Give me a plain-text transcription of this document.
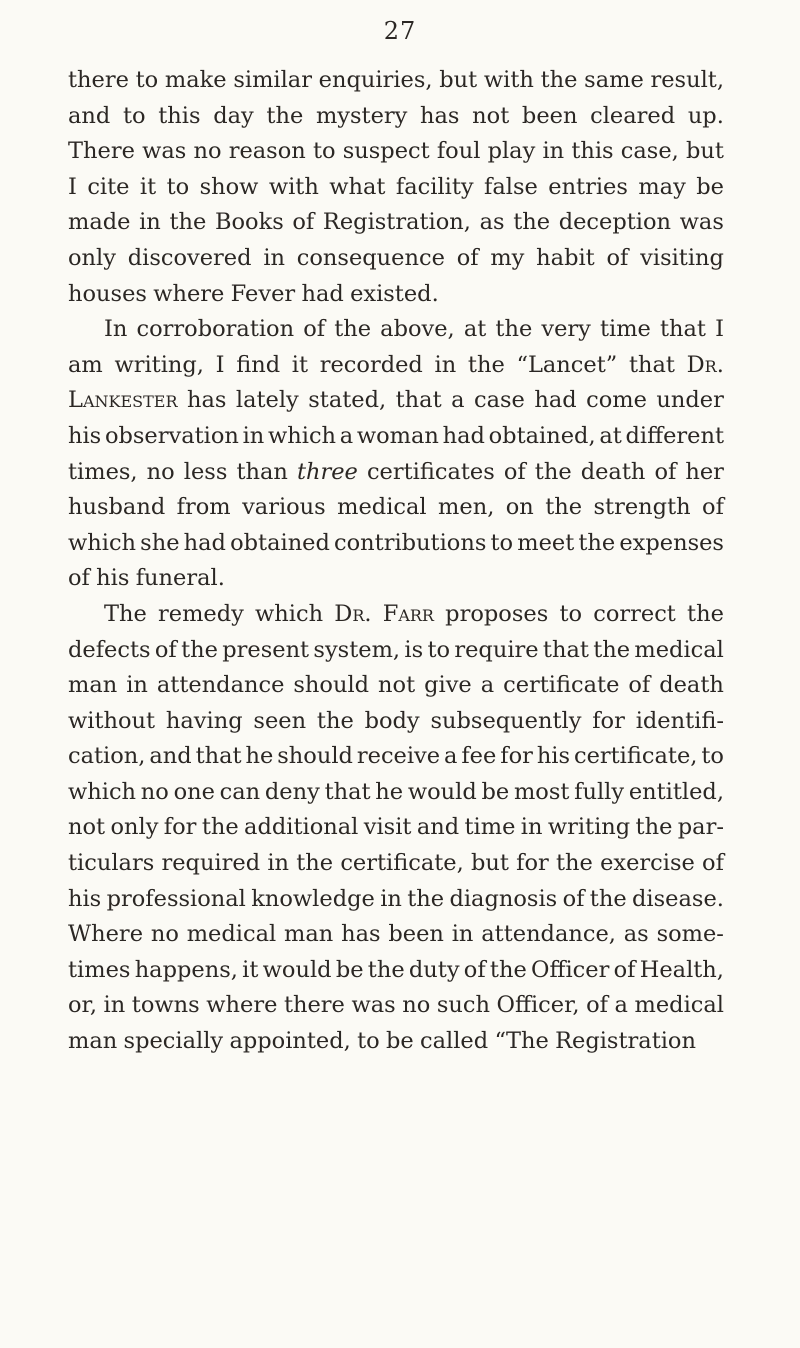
27
there to make similar enquiries, but with the same result,
and to this day the mystery has not been cleared up.
There was no reason to suspect foul play in this case, but
I cite it to show with what facility false entries may be
made in the Books of Registration, as the deception was
only discovered in consequence of my habit of visiting
houses where Fever had existed.
In corroboration of the above, at the very time that I
am writing, I find it recorded in the “Lancet” that Dr.
Lankester has lately stated, that a case had come under
his observation in which a woman had obtained, at different
times, no less than three certificates of the death of her
husband from various medical men, on the strength of
which she had obtained contributions to meet the expenses
of his funeral.
The remedy which Dr. Farr proposes to correct the
defects of the present system, is to require that the medical
man in attendance should not give a certificate of death
without having seen the body subsequently for identifi-
cation, and that he should receive a fee for his certificate, to
which no one can deny that he would be most fully entitled,
not only for the additional visit and time in writing the par-
ticulars required in the certificate, but for the exercise of
his professional knowledge in the diagnosis of the disease.
Where no medical man has been in attendance, as some-
times happens, it would be the duty of the Officer of Health,
or, in towns where there was no such Officer, of a medical
man specially appointed, to be called “The Registration
